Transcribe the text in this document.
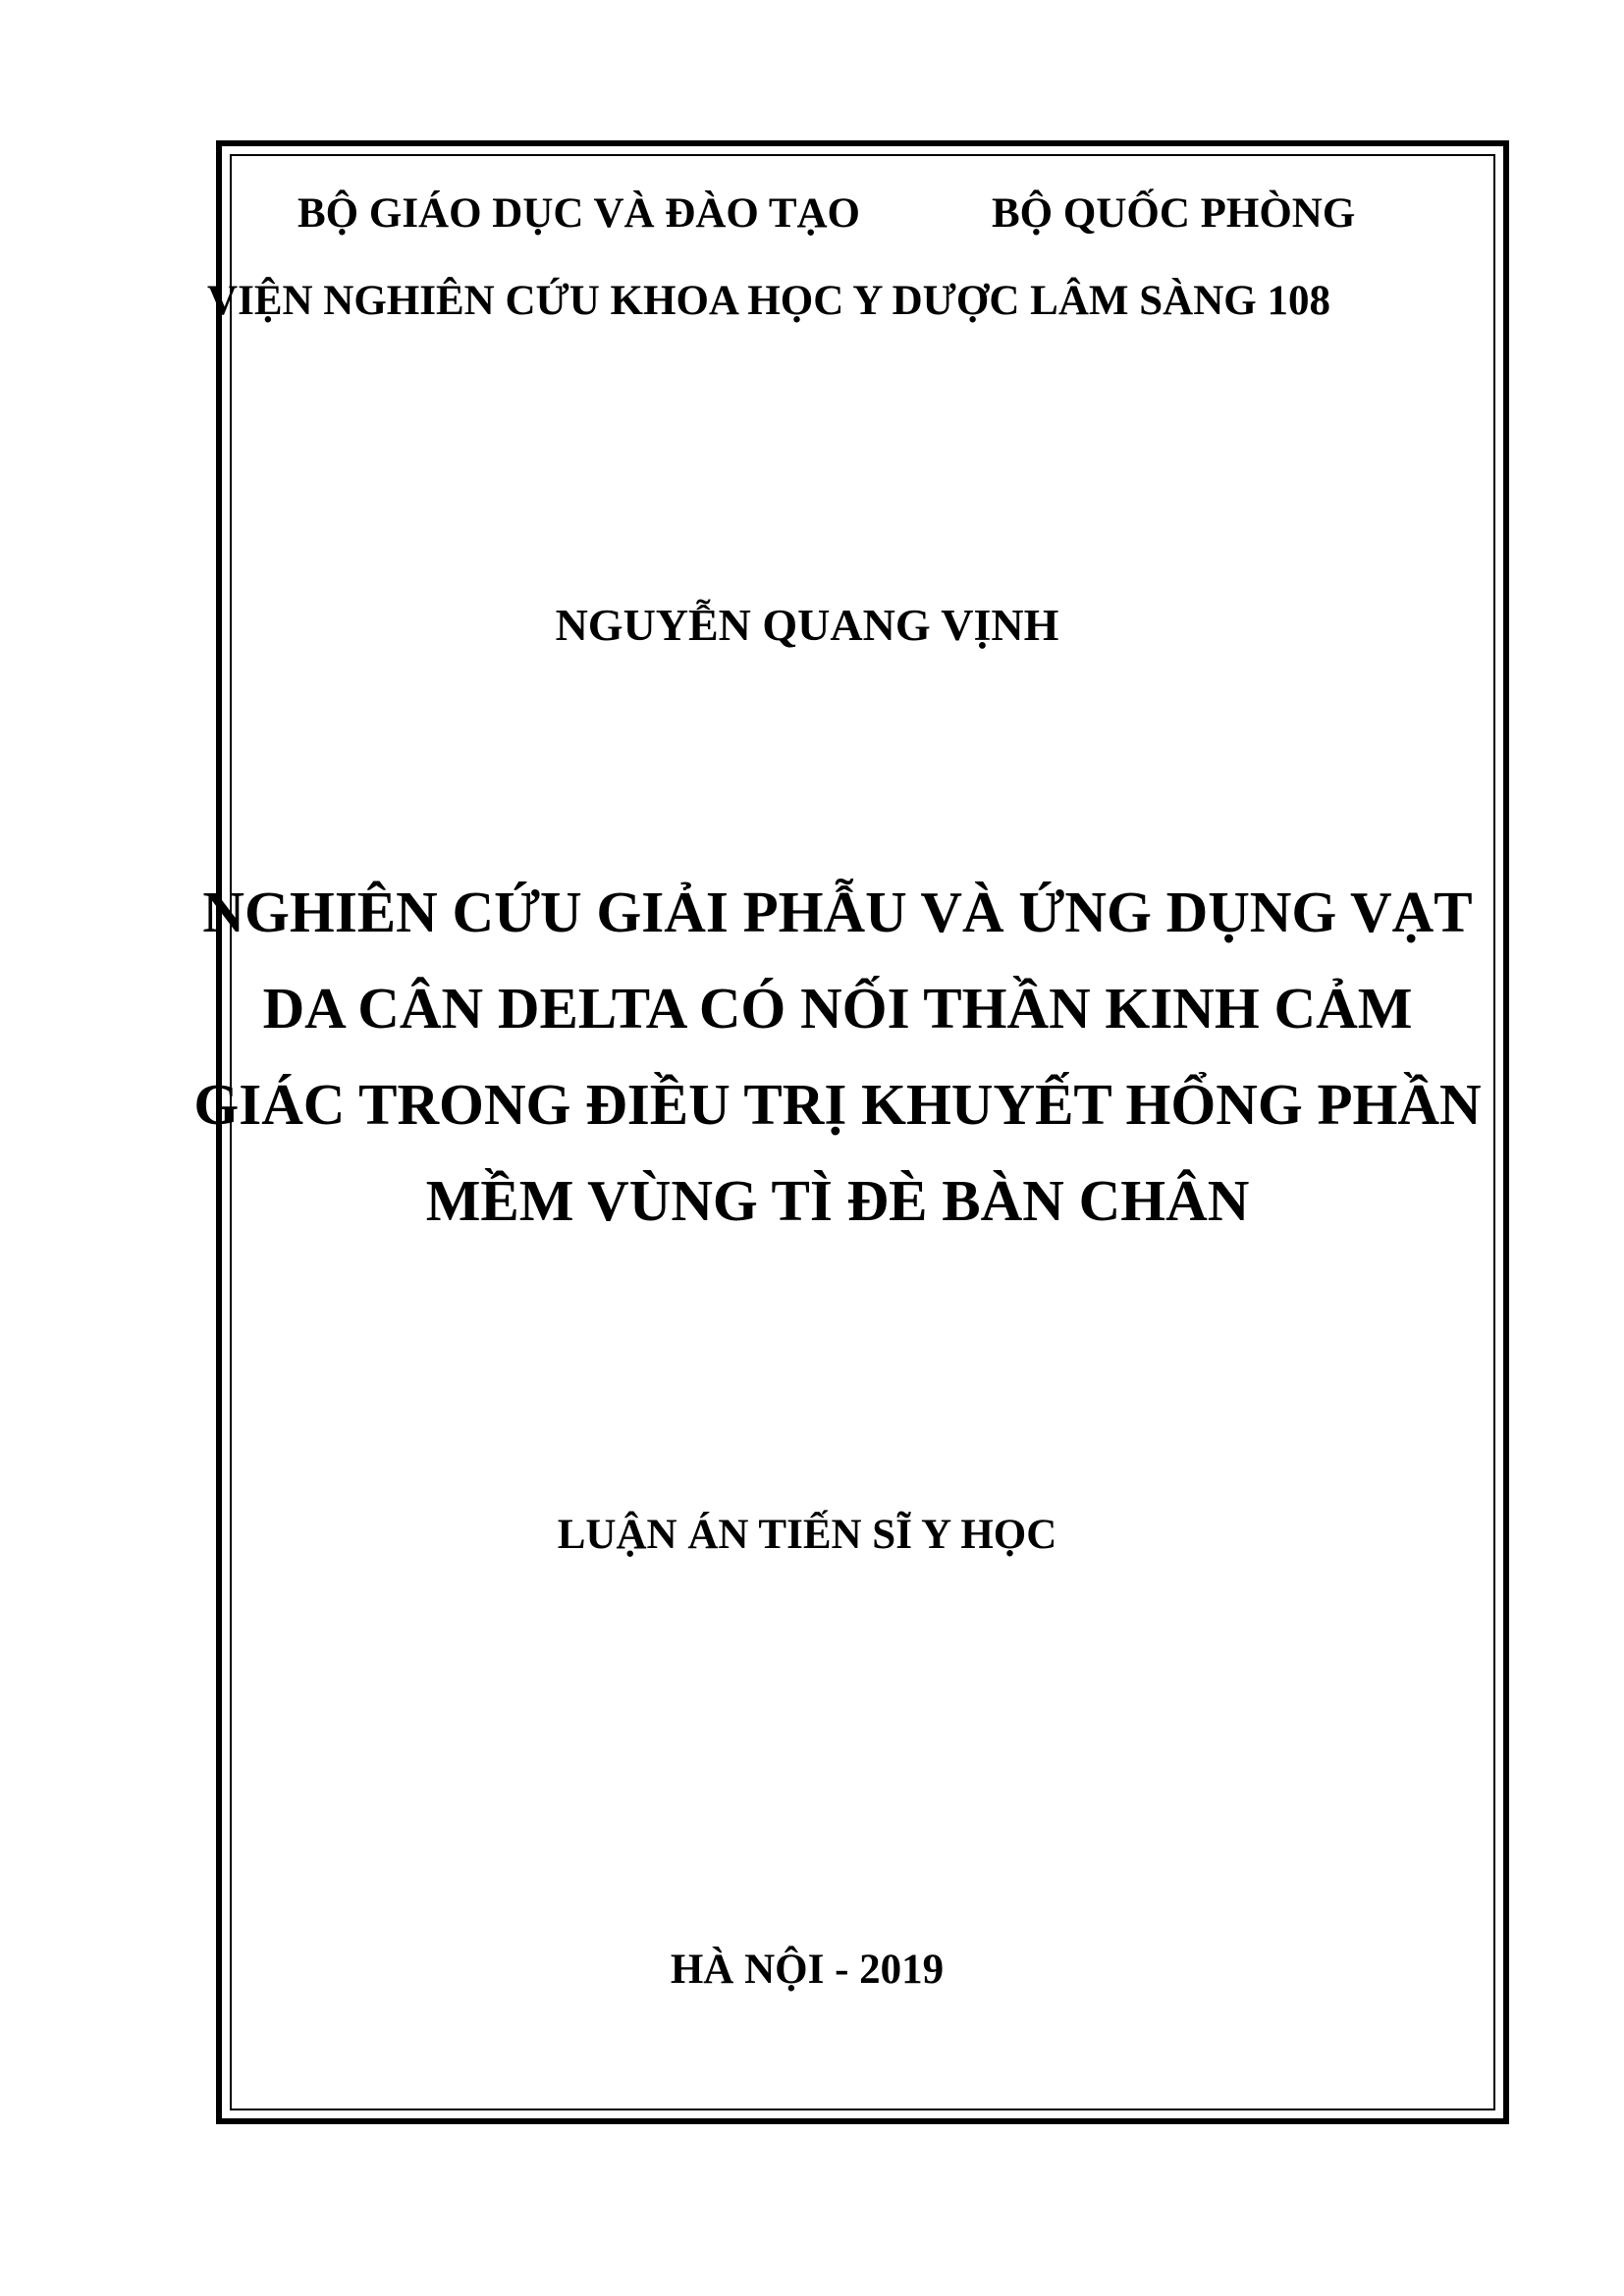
BỘ GIÁO DỤC VÀ ĐÀO TẠO	BỘ QUỐC PHÒNG
VIỆN NGHIÊN CỨU KHOA HỌC Y DƯỢC LÂM SÀNG 108
NGUYỄN QUANG VỊNH
NGHIÊN CỨU GIẢI PHẪU VÀ ỨNG DỤNG VẠT
DA CÂN DELTA CÓ NỐI THẦN KINH CẢM
GIÁC TRONG ĐIỀU TRỊ KHUYẾT HỔNG PHẦN
MỀM VÙNG TÌ ĐÈ BÀN CHÂN
LUẬN ÁN TIẾN SĨ Y HỌC
HÀ NỘI - 2019
